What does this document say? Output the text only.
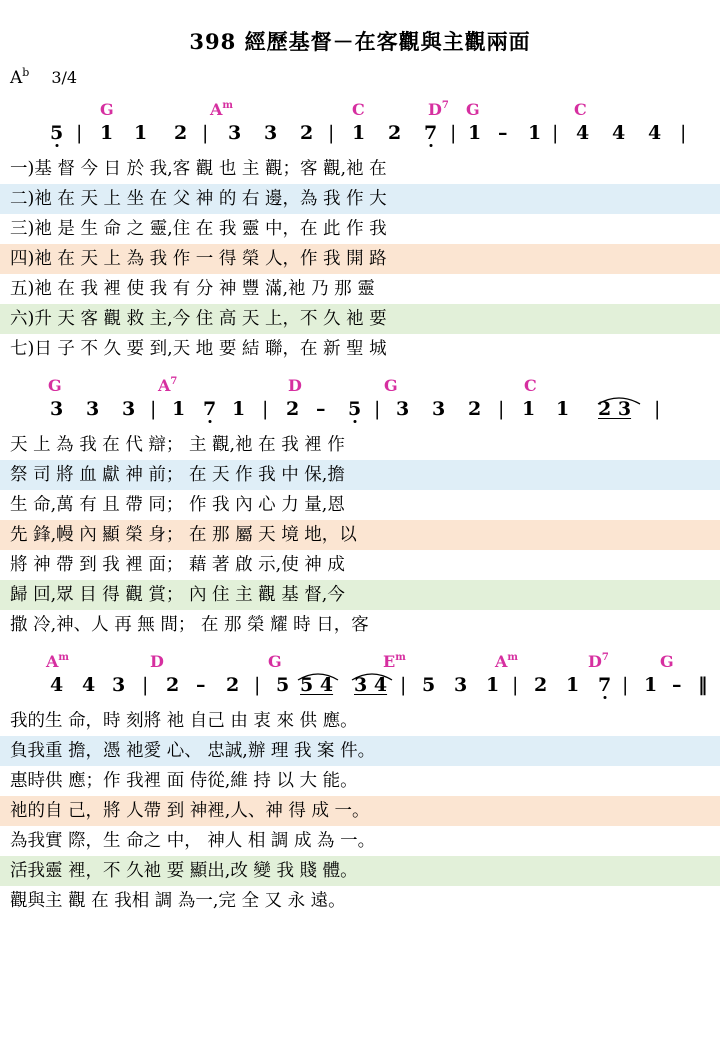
398 經歷基督－在客觀與主觀兩面
$A^b$ 3/4
G	A m	C	D 7 G	C
5 | 1 1 2 | 3 3 2 | 1 2 7 | 1 – 1 | 4 4 4 |
一)基 督 今 日 於 我,客 觀 也 主 觀；客 觀,祂 在
二)祂 在 天 上 坐 在 父 神 的 右 邊，為 我 作 大
三)祂 是 生 命 之 靈,住 在 我 靈 中，在 此 作 我
四)祂 在 天 上 為 我 作 一 得 榮 人，作 我 開 路
五)祂 在 我 裡 使 我 有 分 神 豐 滿,祂 乃 那 靈
六)升 天 客 觀 救 主,今 住 高 天 上，不 久 祂 要
七)日 子 不 久 要 到,天 地 要 結 聯，在 新 聖 城
G	A 7	D	G	C
3 3 3 | 1 7 1 | 2 – 5 | 3 3 2 | 1 1 2 3 |
天 上 為 我 在 代 辯； 主 觀,祂 在 我 裡 作
祭 司 將 血 獻 神 前； 在 天 作 我 中 保,擔
生 命,萬 有 且 帶 同； 作 我 內 心 力 量,恩
先 鋒,幔 內 顯 榮 身； 在 那 屬 天 境 地，以
將 神 帶 到 我 裡 面； 藉 著 啟 示,使 神 成
歸 回,眾 目 得 觀 賞； 內 住 主 觀 基 督,今
撒 冷,神、人 再 無 間； 在 那 榮 耀 時 日，客
A m	D	G	E m	A m	D 7	G
4 4 3 | 2 – 2 | 5 5 4 3 4 | 5 3 1 | 2 1 7 | 1 – ‖
我的生 命，時 刻將 祂 自己 由 衷 來 供 應。
負我重 擔，憑 祂愛 心、 忠誠,辦 理 我 案 件。
惠時供 應；作 我裡 面 侍從,維 持 以 大 能。
祂的自 己，將 人帶 到 神裡,人、神 得 成 一。
為我實 際，生 命之 中， 神人 相 調 成 為 一。
活我靈 裡，不 久祂 要 顯出,改 變 我 賤 體。
觀與主 觀 在 我相 調 為一,完 全 又 永 遠。
